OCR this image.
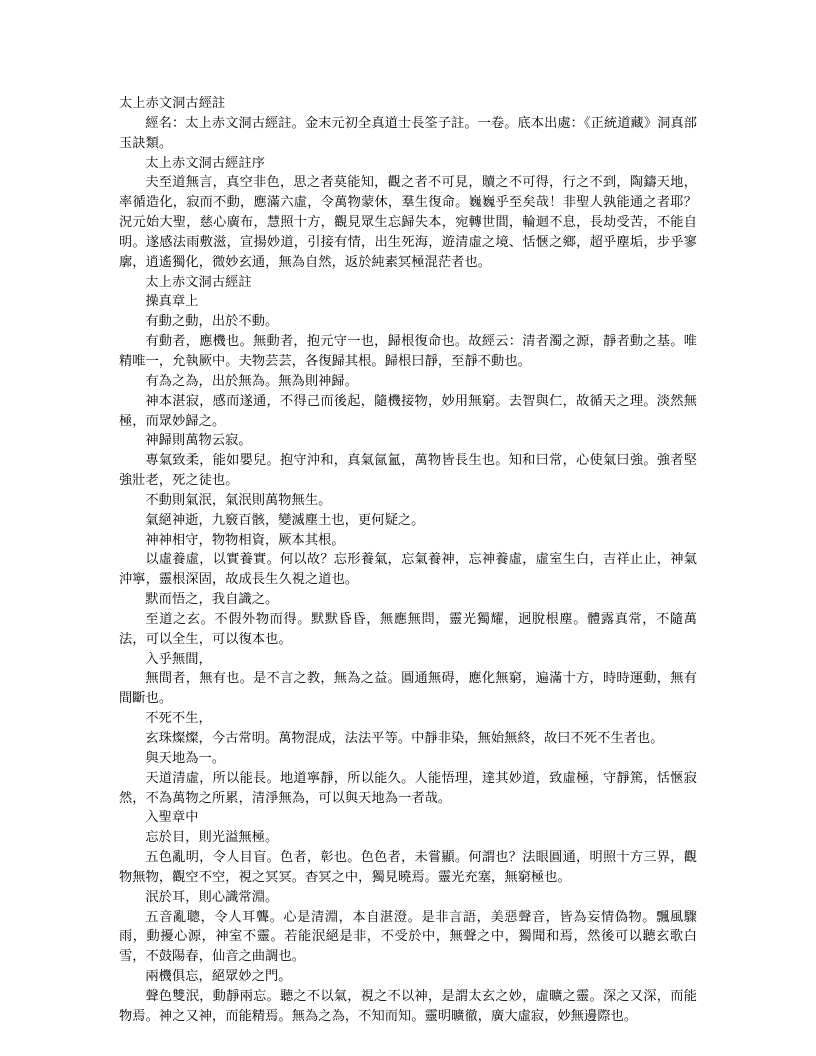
太上赤文洞古經註

經名：太上赤文洞古經註。金末元初全真道士長筌子註。一卷。底本出處：《正統道藏》洞真部玉訣類。

太上赤文洞古經註序

夫至道無言，真空非色，思之者莫能知，觀之者不可見，贖之不可得，行之不到，陶鑄天地，率循造化，寂而不動，應滿六虛，令萬物蒙休，羣生復命。巍巍乎至矣哉！非聖人孰能通之者耶？況元始大聖，慈心廣布，慧照十方，觀見眾生忘歸失本，宛轉世間，輪迴不息，長劫受苦，不能自明。遂感法雨敷滋，宣揚妙道，引接有情，出生死海，遊清虛之境、恬愜之鄉，超乎塵垢，步乎寥廓，逍遙獨化，微妙玄通，無為自然，返於純素冥極混茫者也。

太上赤文洞古經註

操真章上

有動之動，出於不動。

有動者，應機也。無動者，抱元守一也，歸根復命也。故經云：清者濁之源，靜者動之基。唯精唯一，允執厥中。夫物芸芸，各復歸其根。歸根曰靜，至靜不動也。

有為之為，出於無為。無為則神歸。

神本湛寂，感而遂通，不得己而後起，隨機接物，妙用無窮。去智與仁，故循天之理。淡然無極，而眾妙歸之。

神歸則萬物云寂。

專氣致柔，能如嬰兒。抱守沖和，真氣氤氳，萬物皆長生也。知和曰常，心使氣曰強。強者堅強壯老，死之徒也。

不動則氣泯，氣泯則萬物無生。

氣絕神逝，九竅百骸，變滅塵土也，更何疑之。

神神相守，物物相資，厥本其根。

以虛養虛，以實養實。何以故？忘形養氣，忘氣養神，忘神養虛，虛室生白，吉祥止止，神氣沖寧，靈根深固，故成長生久視之道也。

默而悟之，我自識之。

至道之玄。不假外物而得。默默昏昏，無應無問，靈光獨耀，迥脫根塵。體露真常，不隨萬法，可以全生，可以復本也。

入乎無間，

無間者，無有也。是不言之教，無為之益。圓通無碍，應化無窮，遍滿十方，時時運動，無有間斷也。

不死不生，

玄珠燦燦，今古常明。萬物混成，法法平等。中靜非染，無始無終，故曰不死不生者也。

與天地為一。

天道清虛，所以能長。地道寧靜，所以能久。人能悟理，達其妙道，致虛極，守靜篤，恬愜寂然，不為萬物之所累，清淨無為，可以與天地為一者哉。

入聖章中

忘於目，則光溢無極。

五色亂明，令人目盲。色者，彰也。色色者，未嘗顯。何謂也？法眼圓通，明照十方三界，觀物無物，觀空不空，視之冥冥。杳冥之中，獨見曉焉。靈光充塞，無窮極也。

泯於耳，則心識常淵。

五音亂聰，令人耳聾。心是清淵，本自湛澄。是非言語，美惡聲音，皆為妄情偽物。飄風驟雨，動擾心源，神室不靈。若能泯絕是非，不受於中，無聲之中，獨聞和焉，然後可以聽玄歌白雪，不鼓陽春，仙音之曲調也。

兩機俱忘，絕眾妙之門。

聲色雙泯，動靜兩忘。聽之不以氣，視之不以神，是謂太玄之妙，虛曠之靈。深之又深，而能物焉。神之又神，而能精焉。無為之為，不知而知。靈明曠徹，廣大虛寂，妙無邊際也。
